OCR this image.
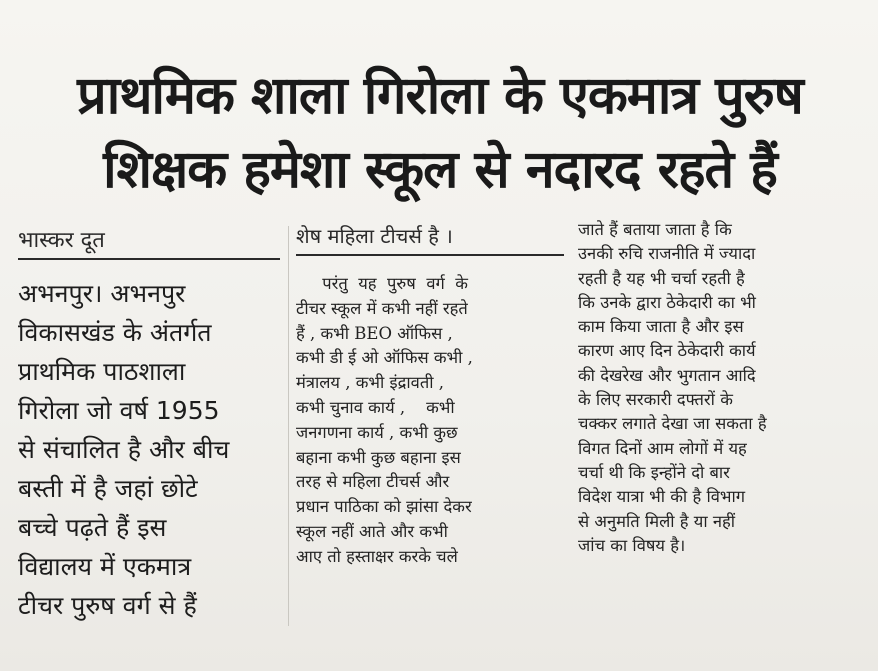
प्राथमिक शाला गिरोला के एकमात्र पुरुष
शिक्षक हमेशा स्कूल से नदारद रहते हैं
भास्कर दूत
अभनपुर। अभनपुर
विकासखंड के अंतर्गत
प्राथमिक पाठशाला
गिरोला जो वर्ष 1955
से संचालित है और बीच
बस्ती में है जहां छोटे
बच्चे पढ़ते हैं इस
विद्यालय में एकमात्र
टीचर पुरुष वर्ग से हैं
शेष महिला टीचर्स है ।
परंतु  यह  पुरुष  वर्ग  के
टीचर स्कूल में कभी नहीं रहते
हैं , कभी BEO ऑफिस ,
कभी डी ई ओ ऑफिस कभी ,
मंत्रालय , कभी इंद्रावती ,
कभी चुनाव कार्य ,    कभी
जनगणना कार्य , कभी कुछ
बहाना कभी कुछ बहाना इस
तरह से महिला टीचर्स और
प्रधान पाठिका को झांसा देकर
स्कूल नहीं आते और कभी
आए तो हस्ताक्षर करके चले
जाते हैं बताया जाता है कि
उनकी रुचि राजनीति में ज्यादा
रहती है यह भी चर्चा रहती है
कि उनके द्वारा ठेकेदारी का भी
काम किया जाता है और इस
कारण आए दिन ठेकेदारी कार्य
की देखरेख और भुगतान आदि
के लिए सरकारी दफ्तरों के
चक्कर लगाते देखा जा सकता है
विगत दिनों आम लोगों में यह
चर्चा थी कि इन्होंने दो बार
विदेश यात्रा भी की है विभाग
से अनुमति मिली है या नहीं
जांच का विषय है।
